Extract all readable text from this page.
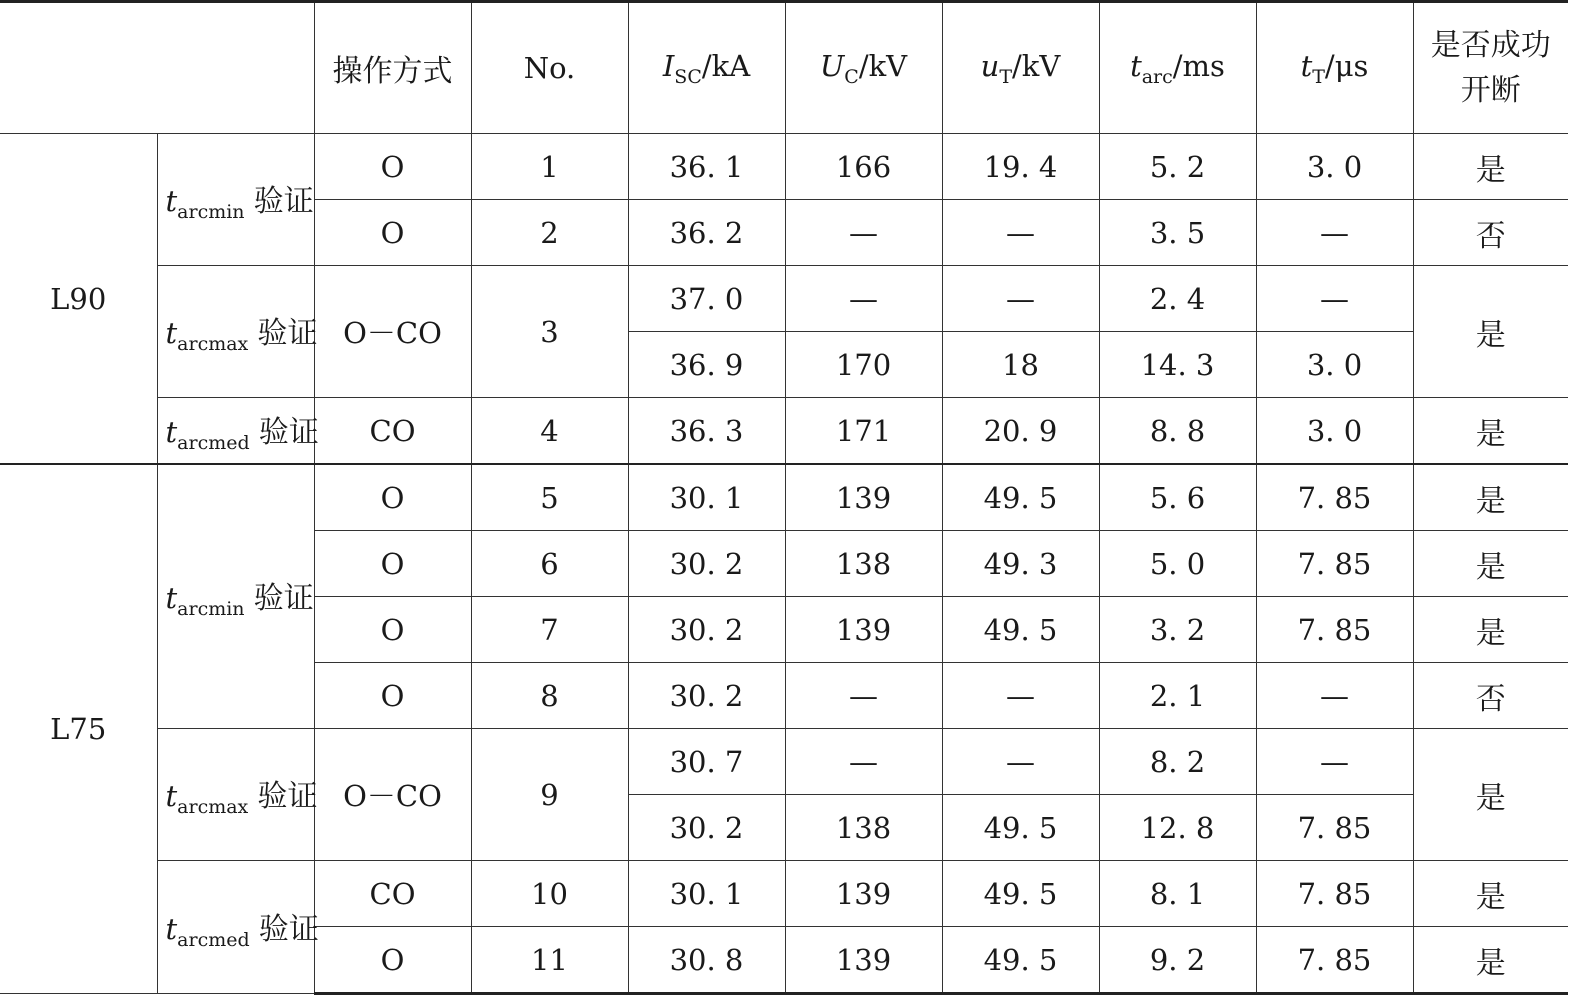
		操作方式	No.	$I_{SC}/kA$	$U_C/kV$	$u_T/kV$	$t_{arc}/ms$	$t_T/\mu s$	是否成功开断
L90	$t_{arcmin}$ 验证	O	1	36. 1	166	19. 4	5. 2	3. 0	是
		O	2	36. 2	—	—	3. 5	—	否
	$t_{arcmax}$ 验证	O－CO	3	37. 0	—	—	2. 4	—	是
				36. 9	170	18	14. 3	3. 0	
	$t_{arcmed}$ 验证	CO	4	36. 3	171	20. 9	8. 8	3. 0	是
L75	$t_{arcmin}$ 验证	O	5	30. 1	139	49. 5	5. 6	7. 85	是
		O	6	30. 2	138	49. 3	5. 0	7. 85	是
		O	7	30. 2	139	49. 5	3. 2	7. 85	是
		O	8	30. 2	—	—	2. 1	—	否
	$t_{arcmax}$ 验证	O－CO	9	30. 7	—	—	8. 2	—	是
				30. 2	138	49. 5	12. 8	7. 85	
	$t_{arcmed}$ 验证	CO	10	30. 1	139	49. 5	8. 1	7. 85	是
		O	11	30. 8	139	49. 5	9. 2	7. 85	是
